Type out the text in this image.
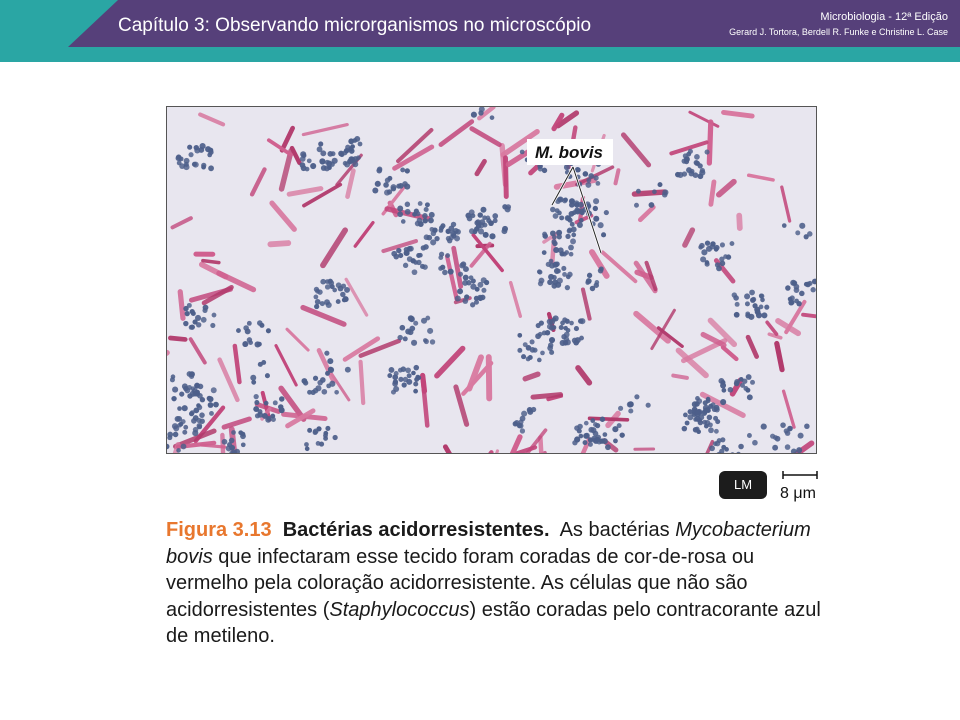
Capítulo 3: Observando microrganismos no microscópio	Microbiologia - 12ª Edição
Gerard J. Tortora, Berdell R. Funke e Christine L. Case
M. bovis
LM
8 μm
Figura 3.13 Bactérias acidorresistentes. As bactérias Mycobacterium bovis que infectaram esse tecido foram coradas de cor-de-rosa ou vermelho pela coloração acidorresistente. As células que não são acidorresistentes (Staphylococcus) estão coradas pelo contracorante azul de metileno.
